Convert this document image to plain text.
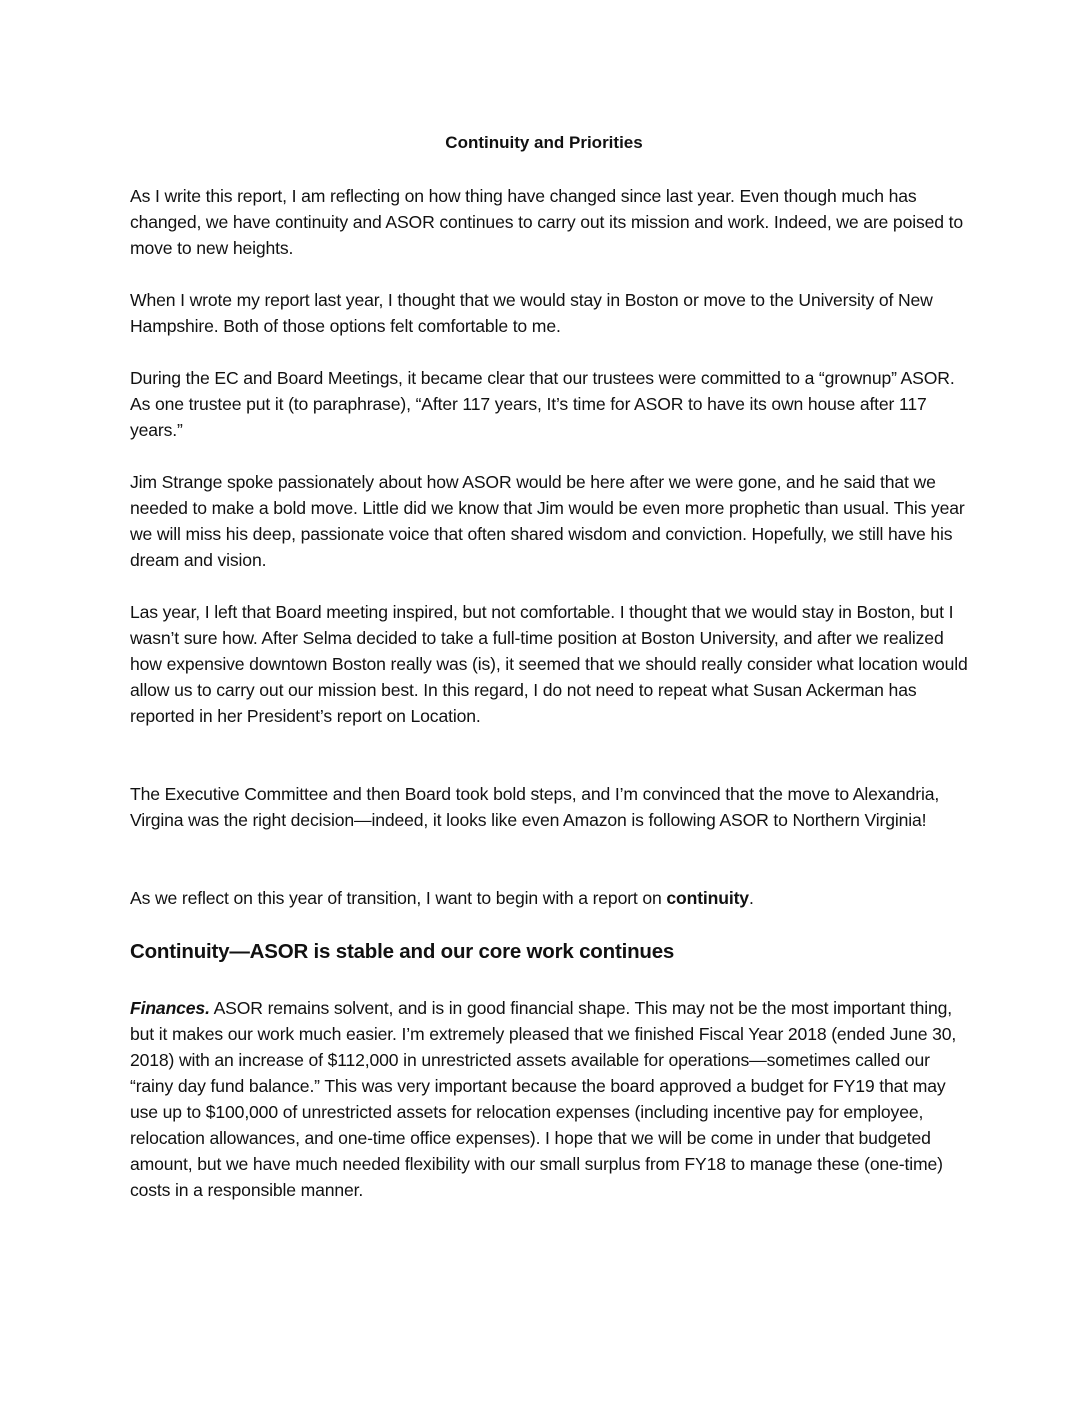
Continuity and Priorities

As I write this report, I am reflecting on how thing have changed since last year. Even though much has changed, we have continuity and ASOR continues to carry out its mission and work. Indeed, we are poised to move to new heights.

When I wrote my report last year, I thought that we would stay in Boston or move to the University of New Hampshire. Both of those options felt comfortable to me.

During the EC and Board Meetings, it became clear that our trustees were committed to a “grownup” ASOR. As one trustee put it (to paraphrase), “After 117 years, It’s time for ASOR to have its own house after 117 years.”

Jim Strange spoke passionately about how ASOR would be here after we were gone, and he said that we needed to make a bold move. Little did we know that Jim would be even more prophetic than usual. This year we will miss his deep, passionate voice that often shared wisdom and conviction. Hopefully, we still have his dream and vision.

Las year, I left that Board meeting inspired, but not comfortable. I thought that we would stay in Boston, but I wasn’t sure how. After Selma decided to take a full-time position at Boston University, and after we realized how expensive downtown Boston really was (is), it seemed that we should really consider what location would allow us to carry out our mission best. In this regard, I do not need to repeat what Susan Ackerman has reported in her President’s report on Location.

The Executive Committee and then Board took bold steps, and I’m convinced that the move to Alexandria, Virgina was the right decision—indeed, it looks like even Amazon is following ASOR to Northern Virginia!

As we reflect on this year of transition, I want to begin with a report on continuity.

Continuity—ASOR is stable and our core work continues

Finances. ASOR remains solvent, and is in good financial shape. This may not be the most important thing, but it makes our work much easier. I’m extremely pleased that we finished Fiscal Year 2018 (ended June 30, 2018) with an increase of $112,000 in unrestricted assets available for operations—sometimes called our “rainy day fund balance.” This was very important because the board approved a budget for FY19 that may use up to $100,000 of unrestricted assets for relocation expenses (including incentive pay for employee, relocation allowances, and one-time office expenses). I hope that we will be come in under that budgeted amount, but we have much needed flexibility with our small surplus from FY18 to manage these (one-time) costs in a responsible manner.
